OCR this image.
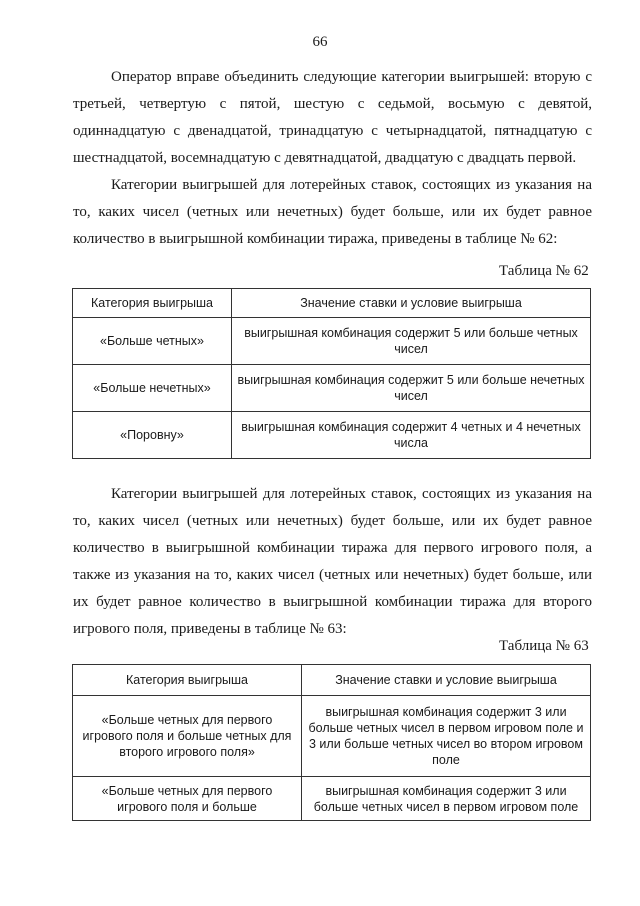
66

Оператор вправе объединить следующие категории выигрышей: вторую с третьей, четвертую с пятой, шестую с седьмой, восьмую с девятой, одиннадцатую с двенадцатой, тринадцатую с четырнадцатой, пятнадцатую с шестнадцатой, восемнадцатую с девятнадцатой, двадцатую с двадцать первой.

Категории выигрышей для лотерейных ставок, состоящих из указания на то, каких чисел (четных или нечетных) будет больше, или их будет равное количество в выигрышной комбинации тиража, приведены в таблице № 62:

Таблица № 62
Категория выигрыша	Значение ставки и условие выигрыша
«Больше четных»	выигрышная комбинация содержит 5 или больше четных чисел
«Больше нечетных»	выигрышная комбинация содержит 5 или больше нечетных чисел
«Поровну»	выигрышная комбинация содержит 4 четных и 4 нечетных числа

Категории выигрышей для лотерейных ставок, состоящих из указания на то, каких чисел (четных или нечетных) будет больше, или их будет равное количество в выигрышной комбинации тиража для первого игрового поля, а также из указания на то, каких чисел (четных или нечетных) будет больше, или их будет равное количество в выигрышной комбинации тиража для второго игрового поля, приведены в таблице № 63:

Таблица № 63
Категория выигрыша	Значение ставки и условие выигрыша
«Больше четных для первого игрового поля и больше четных для второго игрового поля»	выигрышная комбинация содержит 3 или больше четных чисел в первом игровом поле и 3 или больше четных чисел во втором игровом поле
«Больше четных для первого игрового поля и больше	выигрышная комбинация содержит 3 или больше четных чисел в первом игровом поле
